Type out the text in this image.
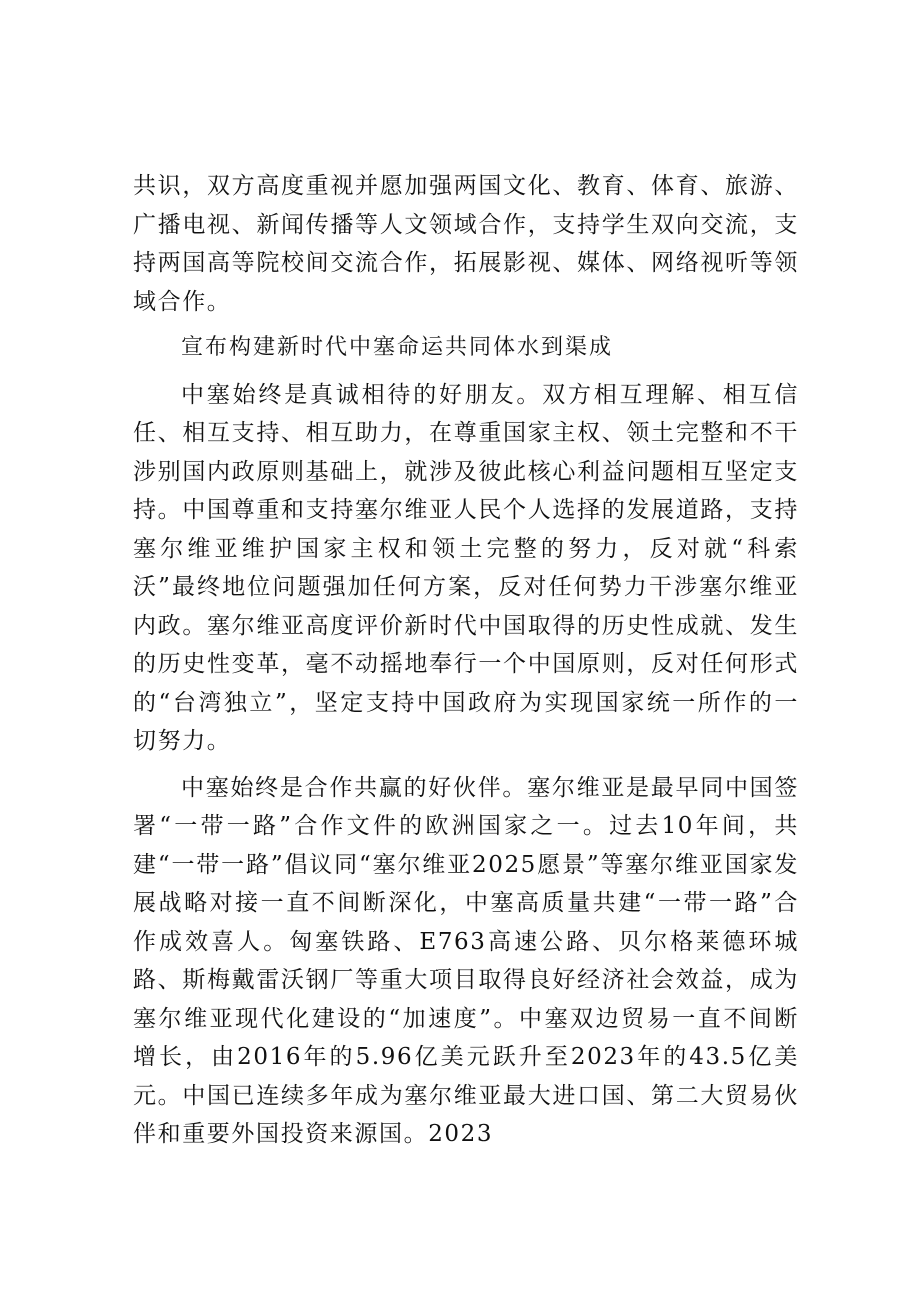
共识，双方高度重视并愿加强两国文化、教育、体育、旅游、广播电视、新闻传播等人文领域合作，支持学生双向交流，支持两国高等院校间交流合作，拓展影视、媒体、网络视听等领域合作。

宣布构建新时代中塞命运共同体水到渠成

中塞始终是真诚相待的好朋友。双方相互理解、相互信任、相互支持、相互助力，在尊重国家主权、领土完整和不干涉别国内政原则基础上，就涉及彼此核心利益问题相互坚定支持。中国尊重和支持塞尔维亚人民个人选择的发展道路，支持塞尔维亚维护国家主权和领土完整的努力，反对就“科索沃”最终地位问题强加任何方案，反对任何势力干涉塞尔维亚内政。塞尔维亚高度评价新时代中国取得的历史性成就、发生的历史性变革，毫不动摇地奉行一个中国原则，反对任何形式的“台湾独立”，坚定支持中国政府为实现国家统一所作的一切努力。

中塞始终是合作共赢的好伙伴。塞尔维亚是最早同中国签署“一带一路”合作文件的欧洲国家之一。过去10年间，共建“一带一路”倡议同“塞尔维亚2025愿景”等塞尔维亚国家发展战略对接一直不间断深化，中塞高质量共建“一带一路”合作成效喜人。匈塞铁路、E763高速公路、贝尔格莱德环城路、斯梅戴雷沃钢厂等重大项目取得良好经济社会效益，成为塞尔维亚现代化建设的“加速度”。中塞双边贸易一直不间断增长，由2016年的5.96亿美元跃升至2023年的43.5亿美元。中国已连续多年成为塞尔维亚最大进口国、第二大贸易伙伴和重要外国投资来源国。2023
